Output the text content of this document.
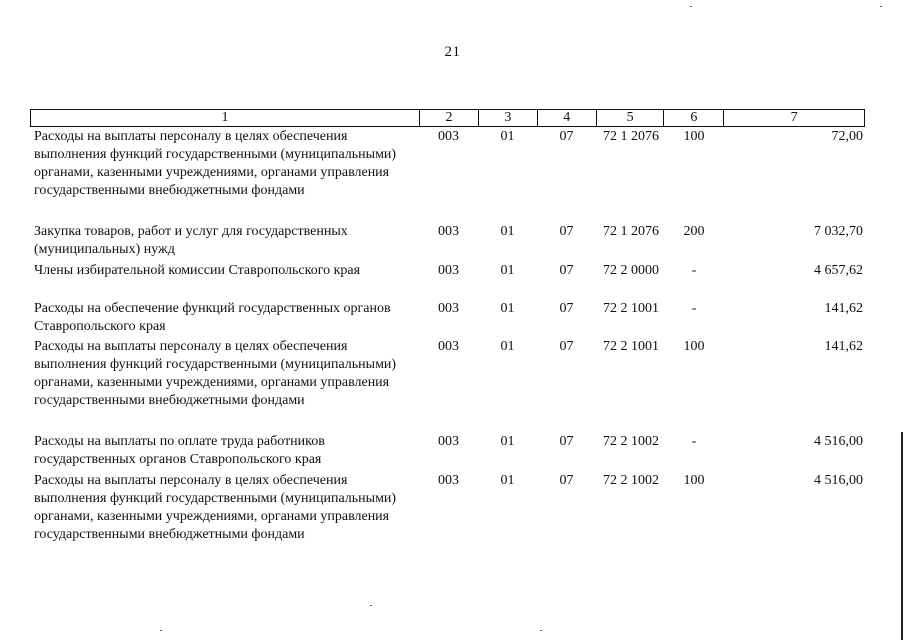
21
1	2	3	4	5	6	7
Расходы на выплаты персоналу в целях обеспечения выполнения функций государственными (муниципальными) органами, казенными учреждениями, органами управления государственными внебюджетными фондами
003	01	07	72 1 2076	100	72,00
Закупка товаров, работ и услуг для государственных (муниципальных) нужд
003	01	07	72 1 2076	200	7 032,70
Члены избирательной комиссии Ставропольского края	003	01	07	72 2 0000	-	4 657,62
Расходы на обеспечение функций государственных органов Ставропольского края
003	01	07	72 2 1001	-	141,62
Расходы на выплаты персоналу в целях обеспечения выполнения функций государственными (муниципальными) органами, казенными учреждениями, органами управления государственными внебюджетными фондами
003	01	07	72 2 1001	100	141,62
Расходы на выплаты по оплате труда работников государственных органов Ставропольского края
003	01	07	72 2 1002	-	4 516,00
Расходы на выплаты персоналу в целях обеспечения выполнения функций государственными (муниципальными) органами, казенными учреждениями, органами управления государственными внебюджетными фондами
003	01	07	72 2 1002	100	4 516,00
